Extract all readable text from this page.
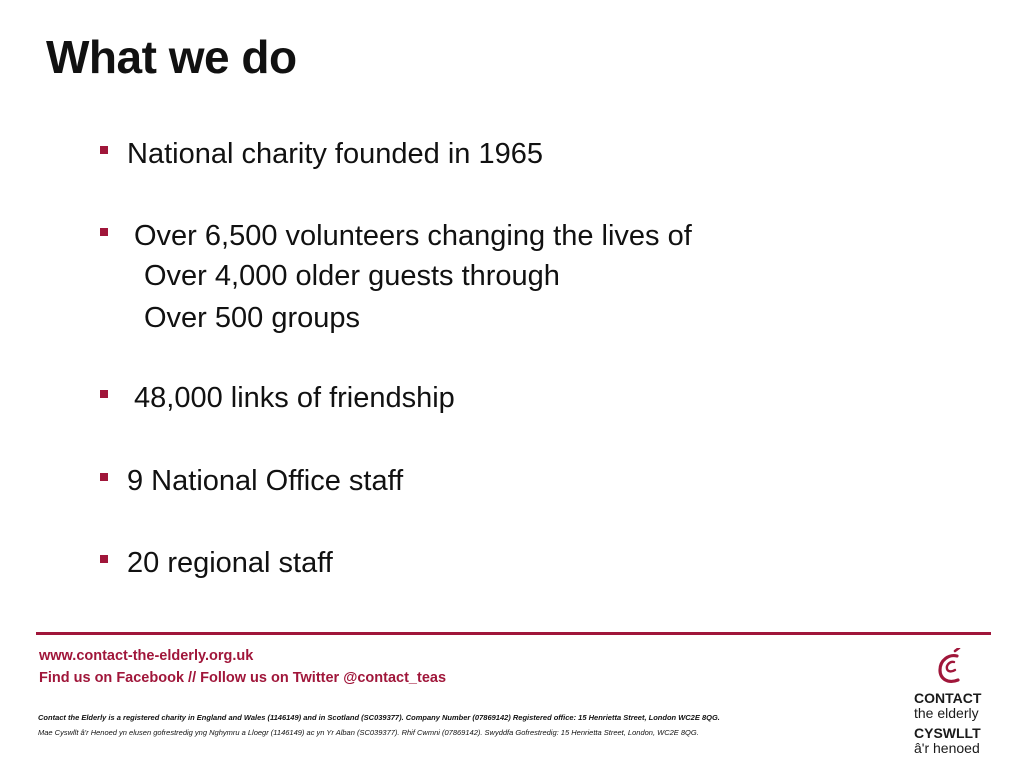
What we do
National charity founded in 1965
Over 6,500 volunteers changing the lives of
Over 4,000 older guests through
Over 500 groups
48,000 links of friendship
9 National Office staff
20 regional staff
www.contact-the-elderly.org.uk
Find us on Facebook // Follow us on Twitter @contact_teas
Contact the Elderly is a registered charity in England and Wales (1146149) and in Scotland (SC039377). Company Number (07869142) Registered office: 15 Henrietta Street, London WC2E 8QG.
Mae Cyswllt â'r Henoed yn elusen gofrestredig yng Nghymru a Lloegr (1146149) ac yn Yr Alban (SC039377). Rhif Cwmni (07869142). Swyddfa Gofrestredig: 15 Henrietta Street, London, WC2E 8QG.
CONTACT
the elderly
CYSWLLT
â'r henoed
